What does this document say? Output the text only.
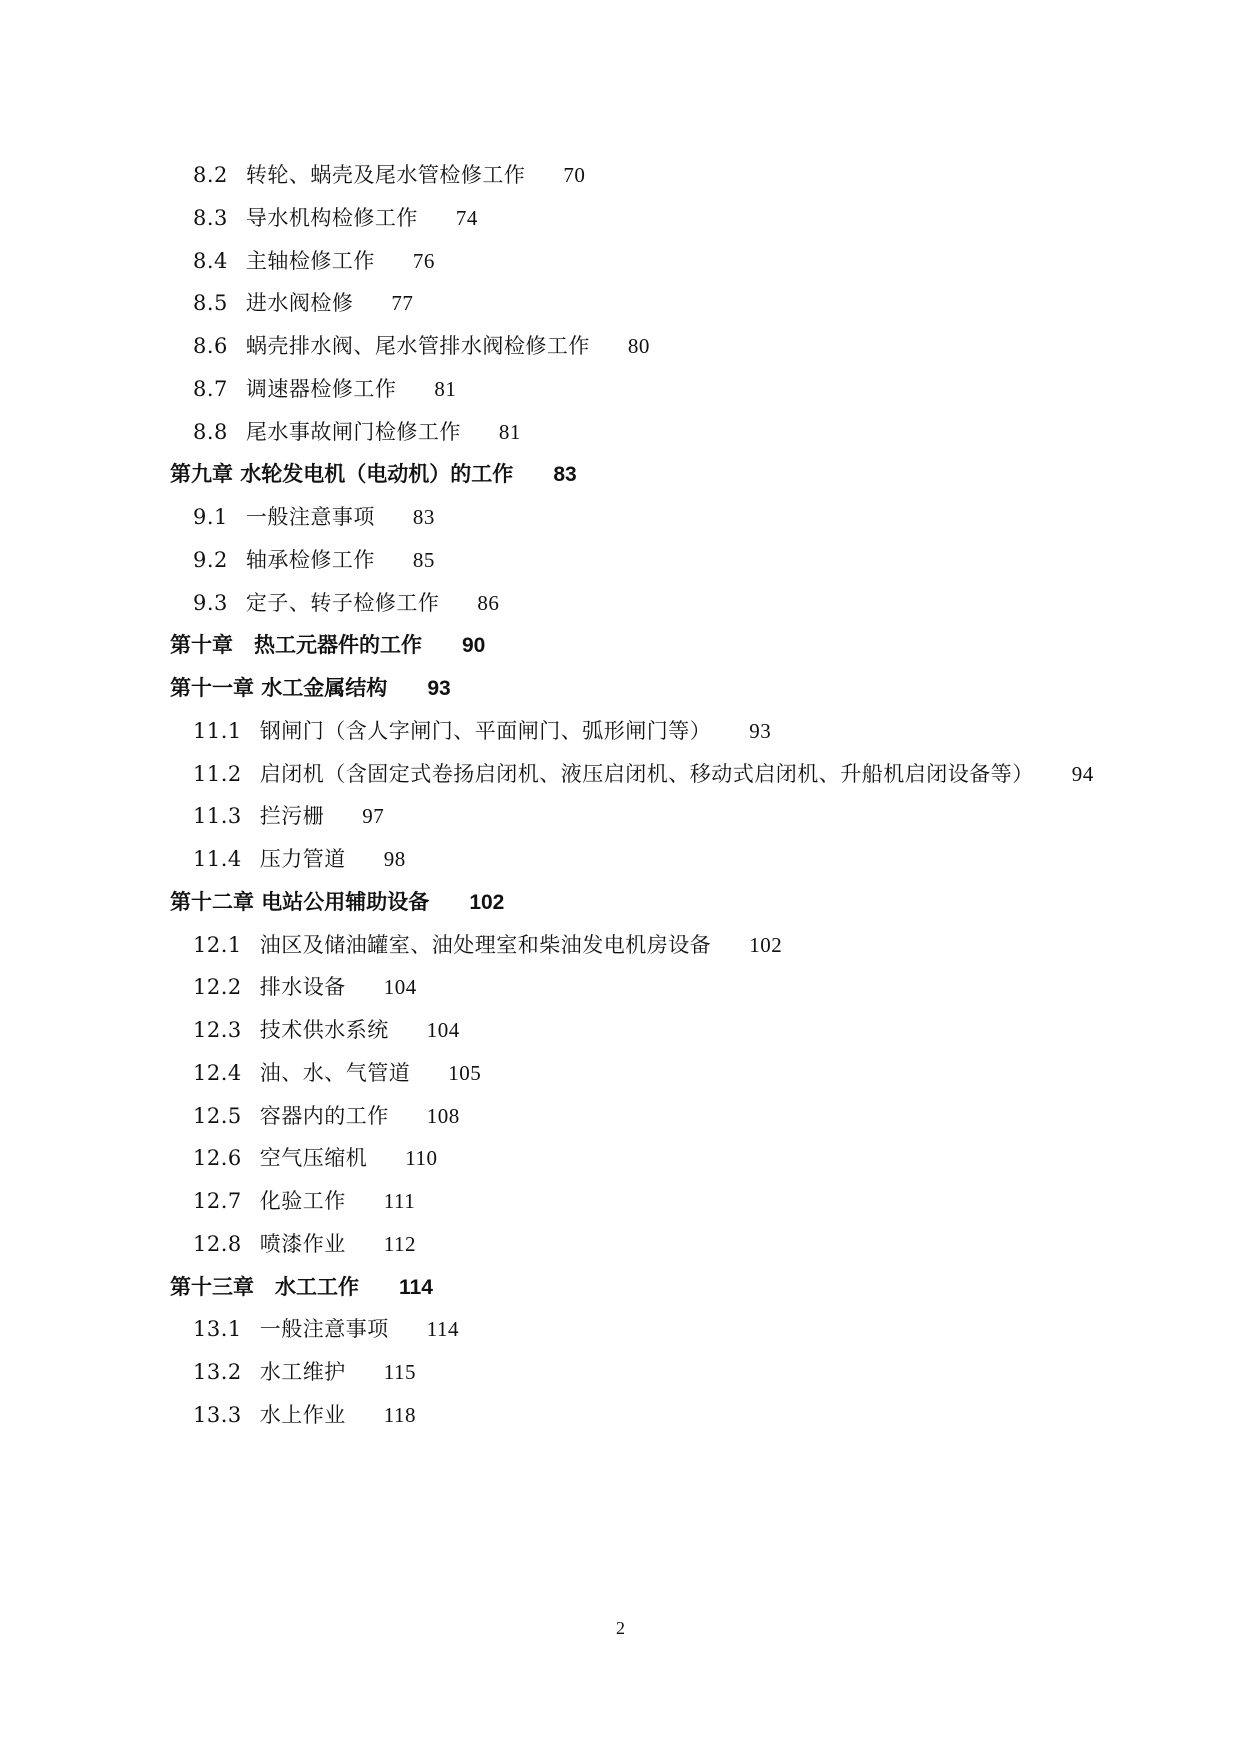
8.2 转轮、蜗壳及尾水管检修工作 70
8.3 导水机构检修工作 74
8.4 主轴检修工作 76
8.5 进水阀检修 77
8.6 蜗壳排水阀、尾水管排水阀检修工作 80
8.7 调速器检修工作 81
8.8 尾水事故闸门检修工作 81
第九章 水轮发电机（电动机）的工作 83
9.1 一般注意事项 83
9.2 轴承检修工作 85
9.3 定子、转子检修工作 86
第十章　热工元器件的工作 90
第十一章 水工金属结构 93
11.1 钢闸门（含人字闸门、平面闸门、弧形闸门等） 93
11.2 启闭机（含固定式卷扬启闭机、液压启闭机、移动式启闭机、升船机启闭设备等） 94
11.3 拦污栅 97
11.4 压力管道 98
第十二章 电站公用辅助设备 102
12.1 油区及储油罐室、油处理室和柴油发电机房设备 102
12.2 排水设备 104
12.3 技术供水系统 104
12.4 油、水、气管道 105
12.5 容器内的工作 108
12.6 空气压缩机 110
12.7 化验工作 111
12.8 喷漆作业 112
第十三章　水工工作 114
13.1 一般注意事项 114
13.2 水工维护 115
13.3 水上作业 118
2
